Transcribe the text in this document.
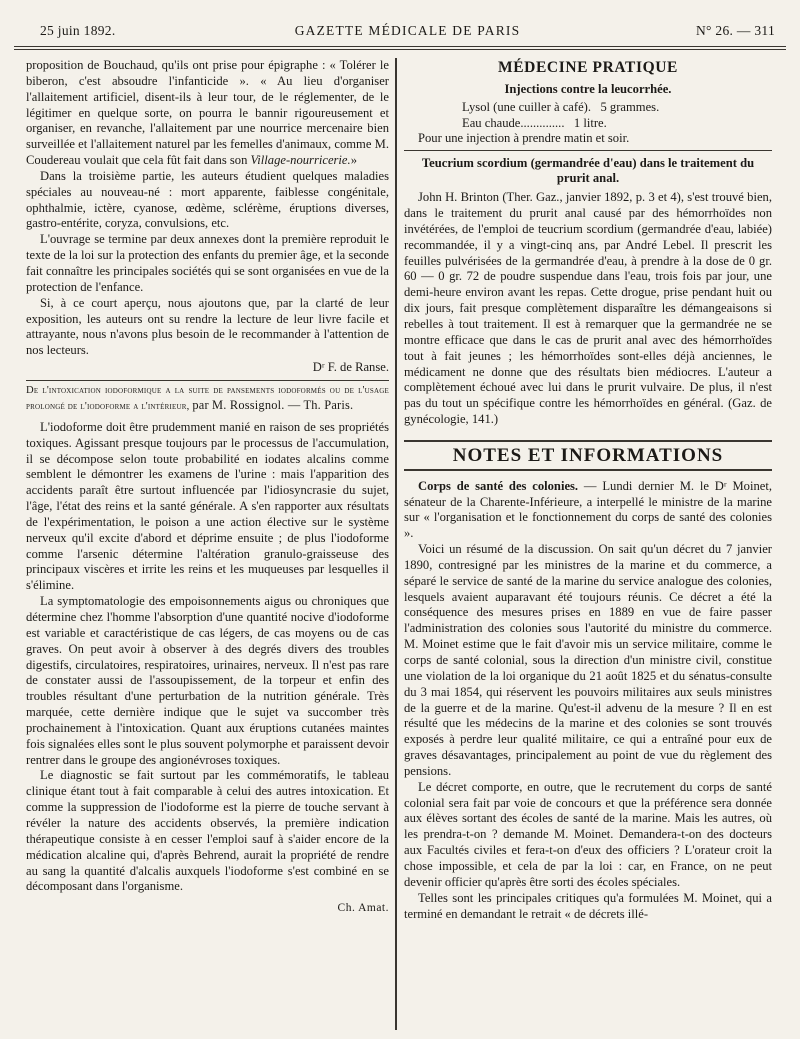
25 juin 1892.	GAZETTE MÉDICALE DE PARIS	N° 26. — 311

proposition de Bouchaud, qu'ils ont prise pour épigraphe : « Tolérer le biberon, c'est absoudre l'infanticide ». « Au lieu d'organiser l'allaitement artificiel, disent-ils à leur tour, de le réglementer, de le légitimer en quelque sorte, on pourra le bannir rigoureusement et organiser, en revanche, l'allaitement par une nourrice mercenaire bien surveillée et l'allaitement naturel par les femelles d'animaux, comme M. Coudereau voulait que cela fût fait dans son Village-nourricerie.»

Dans la troisième partie, les auteurs étudient quelques maladies spéciales au nouveau-né : mort apparente, faiblesse congénitale, ophthalmie, ictère, cyanose, œdème, sclérème, éruptions diverses, gastro-entérite, coryza, convulsions, etc.

L'ouvrage se termine par deux annexes dont la première reproduit le texte de la loi sur la protection des enfants du premier âge, et la seconde fait connaître les principales sociétés qui se sont organisées en vue de la protection de l'enfance.

Si, à ce court aperçu, nous ajoutons que, par la clarté de leur exposition, les auteurs ont su rendre la lecture de leur livre facile et attrayante, nous n'avons plus besoin de le recommander à l'attention de nos lecteurs.

Dʳ F. de Ranse.

De l'intoxication iodoformique a la suite de pansements iodoformés ou de l'usage prolongé de l'iodoforme a l'intérieur, par M. Rossignol. — Th. Paris.

L'iodoforme doit être prudemment manié en raison de ses propriétés toxiques. Agissant presque toujours par le processus de l'accumulation, il se décompose selon toute probabilité en iodates alcalins comme semblent le démontrer les examens de l'urine : mais l'apparition des accidents paraît être surtout influencée par l'idiosyncrasie du sujet, l'âge, l'état des reins et la santé générale. A s'en rapporter aux résultats de l'expérimentation, le poison a une action élective sur le système nerveux qu'il excite d'abord et déprime ensuite ; de plus l'iodoforme comme l'arsenic détermine l'altération granulo-graisseuse des principaux viscères et irrite les reins et les muqueuses par lesquelles il s'élimine.

La symptomatologie des empoisonnements aigus ou chroniques que détermine chez l'homme l'absorption d'une quantité nocive d'iodoforme est variable et caractéristique de cas légers, de cas moyens ou de cas graves. On peut avoir à observer à des degrés divers des troubles digestifs, circulatoires, respiratoires, urinaires, nerveux. Il n'est pas rare de constater aussi de l'assoupissement, de la torpeur et enfin des troubles résultant d'une perturbation de la nutrition générale. Très marquée, cette dernière indique que le sujet va succomber très prochainement à l'intoxication. Quant aux éruptions cutanées maintes fois signalées elles sont le plus souvent polymorphe et paraissent devoir rentrer dans le groupe des angionévroses toxiques.

Le diagnostic se fait surtout par les commémoratifs, le tableau clinique étant tout à fait comparable à celui des autres intoxication. Et comme la suppression de l'iodoforme est la pierre de touche servant à révéler la nature des accidents observés, la première indication thérapeutique consiste à en cesser l'emploi sauf à s'aider encore de la médication alcaline qui, d'après Behrend, aurait la propriété de rendre au sang la quantité d'alcalis auxquels l'iodoforme s'est combiné en se décomposant dans l'organisme.

Ch. Amat.
MÉDECINE PRATIQUE
Injections contre la leucorrhée.
Lysol (une cuiller à café).   5 grammes.
Eau chaude..............   1 litre.

Pour une injection à prendre matin et soir.

Teucrium scordium (germandrée d'eau) dans le traitement du prurit anal.

John H. Brinton (Ther. Gaz., janvier 1892, p. 3 et 4), s'est trouvé bien, dans le traitement du prurit anal causé par des hémorrhoïdes non invétérées, de l'emploi de teucrium scordium (germandrée d'eau, labiée) recommandée, il y a vingt-cinq ans, par André Lebel. Il prescrit les feuilles pulvérisées de la germandrée d'eau, à prendre à la dose de 0 gr. 60 — 0 gr. 72 de poudre suspendue dans l'eau, trois fois par jour, une demi-heure environ avant les repas. Cette drogue, prise pendant huit ou dix jours, fait presque complètement disparaître les démangeaisons si rebelles à tout traitement. Il est à remarquer que la germandrée ne se montre efficace que dans le cas de prurit anal avec des hémorrhoïdes tout à fait jeunes ; les hémorrhoïdes sont-elles déjà anciennes, le médicament ne donne que des résultats bien médiocres. L'auteur a complètement échoué avec lui dans le prurit vulvaire. De plus, il n'est pas du tout un spécifique contre les hémorrhoïdes en général. (Gaz. de gynécologie, 141.)

NOTES ET INFORMATIONS

Corps de santé des colonies. — Lundi dernier M. le Dʳ Moinet, sénateur de la Charente-Inférieure, a interpellé le ministre de la marine sur « l'organisation et le fonctionnement du corps de santé des colonies ».

Voici un résumé de la discussion. On sait qu'un décret du 7 janvier 1890, contresigné par les ministres de la marine et du commerce, a séparé le service de santé de la marine du service analogue des colonies, lesquels avaient auparavant été toujours réunis. Ce décret a été la conséquence des mesures prises en 1889 en vue de faire passer l'administration des colonies sous l'autorité du ministre du commerce. M. Moinet estime que le fait d'avoir mis un service militaire, comme le corps de santé colonial, sous la direction d'un ministre civil, constitue une violation de la loi organique du 21 août 1825 et du sénatus-consulte du 3 mai 1854, qui réservent les pouvoirs militaires aux seuls ministres de la guerre et de la marine. Qu'est-il advenu de la mesure ? Il en est résulté que les médecins de la marine et des colonies se sont trouvés exposés à perdre leur qualité militaire, ce qui a entraîné pour eux de graves désavantages, principalement au point de vue du règlement des pensions.

Le décret comporte, en outre, que le recrutement du corps de santé colonial sera fait par voie de concours et que la préférence sera donnée aux élèves sortant des écoles de santé de la marine. Mais les autres, où les prendra-t-on ? demande M. Moinet. Demandera-t-on des docteurs aux Facultés civiles et fera-t-on d'eux des officiers ? L'orateur croit la chose impossible, et cela de par la loi : car, en France, on ne peut devenir officier qu'après être sorti des écoles spéciales.

Telles sont les principales critiques qu'a formulées M. Moinet, qui a terminé en demandant le retrait « de décrets illé-
